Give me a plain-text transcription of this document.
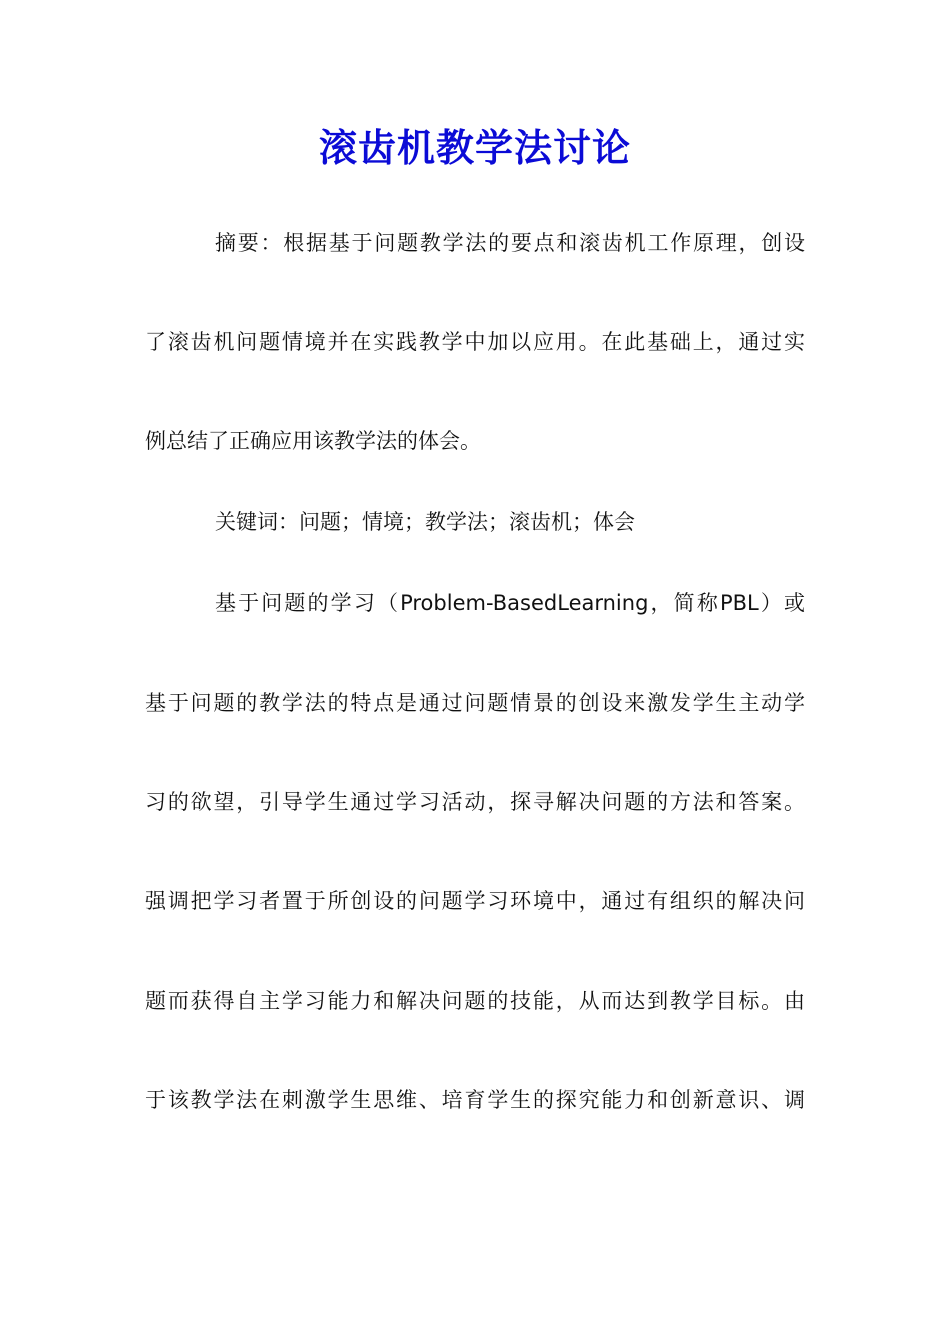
滚齿机教学法讨论
摘要：根据基于问题教学法的要点和滚齿机工作原理，创设
了滚齿机问题情境并在实践教学中加以应用。在此基础上，通过实
例总结了正确应用该教学法的体会。
关键词：问题；情境；教学法；滚齿机；体会
基于问题的学习（Problem-BasedLearning，简称PBL）或
基于问题的教学法的特点是通过问题情景的创设来激发学生主动学
习的欲望，引导学生通过学习活动，探寻解决问题的方法和答案。
强调把学习者置于所创设的问题学习环境中，通过有组织的解决问
题而获得自主学习能力和解决问题的技能，从而达到教学目标。由
于该教学法在刺激学生思维、培育学生的探究能力和创新意识、调
